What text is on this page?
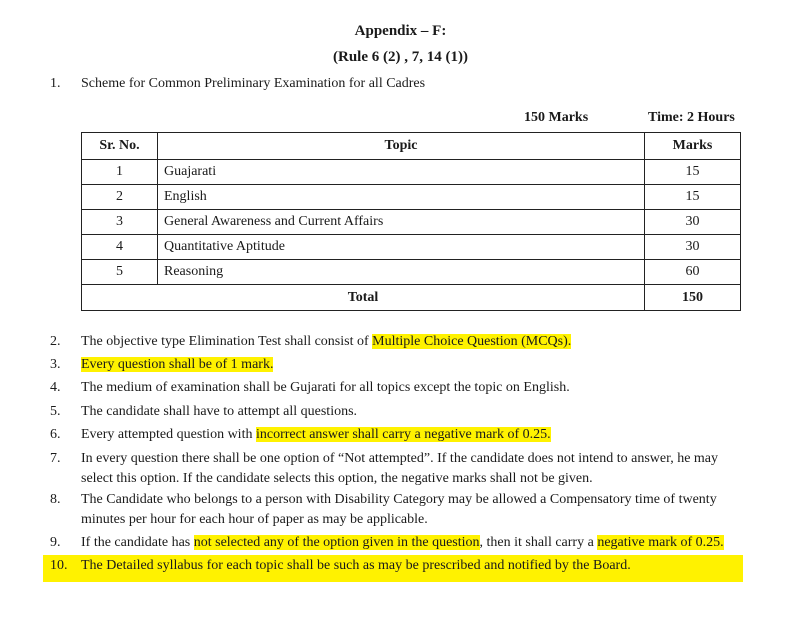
Appendix – F:
(Rule 6 (2) , 7, 14 (1))
1. Scheme for Common Preliminary Examination for all Cadres
150 Marks	Time: 2 Hours
Sr. No.	Topic	Marks
1	Guajarati	15
2	English	15
3	General Awareness and Current Affairs	30
4	Quantitative Aptitude	30
5	Reasoning	60
Total		150
2. The objective type Elimination Test shall consist of Multiple Choice Question (MCQs).
3. Every question shall be of 1 mark.
4. The medium of examination shall be Gujarati for all topics except the topic on English.
5. The candidate shall have to attempt all questions.
6. Every attempted question with incorrect answer shall carry a negative mark of 0.25.
7. In every question there shall be one option of “Not attempted”. If the candidate does not intend to answer, he may select this option. If the candidate selects this option, the negative marks shall not be given.
8. The Candidate who belongs to a person with Disability Category may be allowed a Compensatory time of twenty minutes per hour for each hour of paper as may be applicable.
9. If the candidate has not selected any of the option given in the question, then it shall carry a negative mark of 0.25.
10. The Detailed syllabus for each topic shall be such as may be prescribed and notified by the Board.
